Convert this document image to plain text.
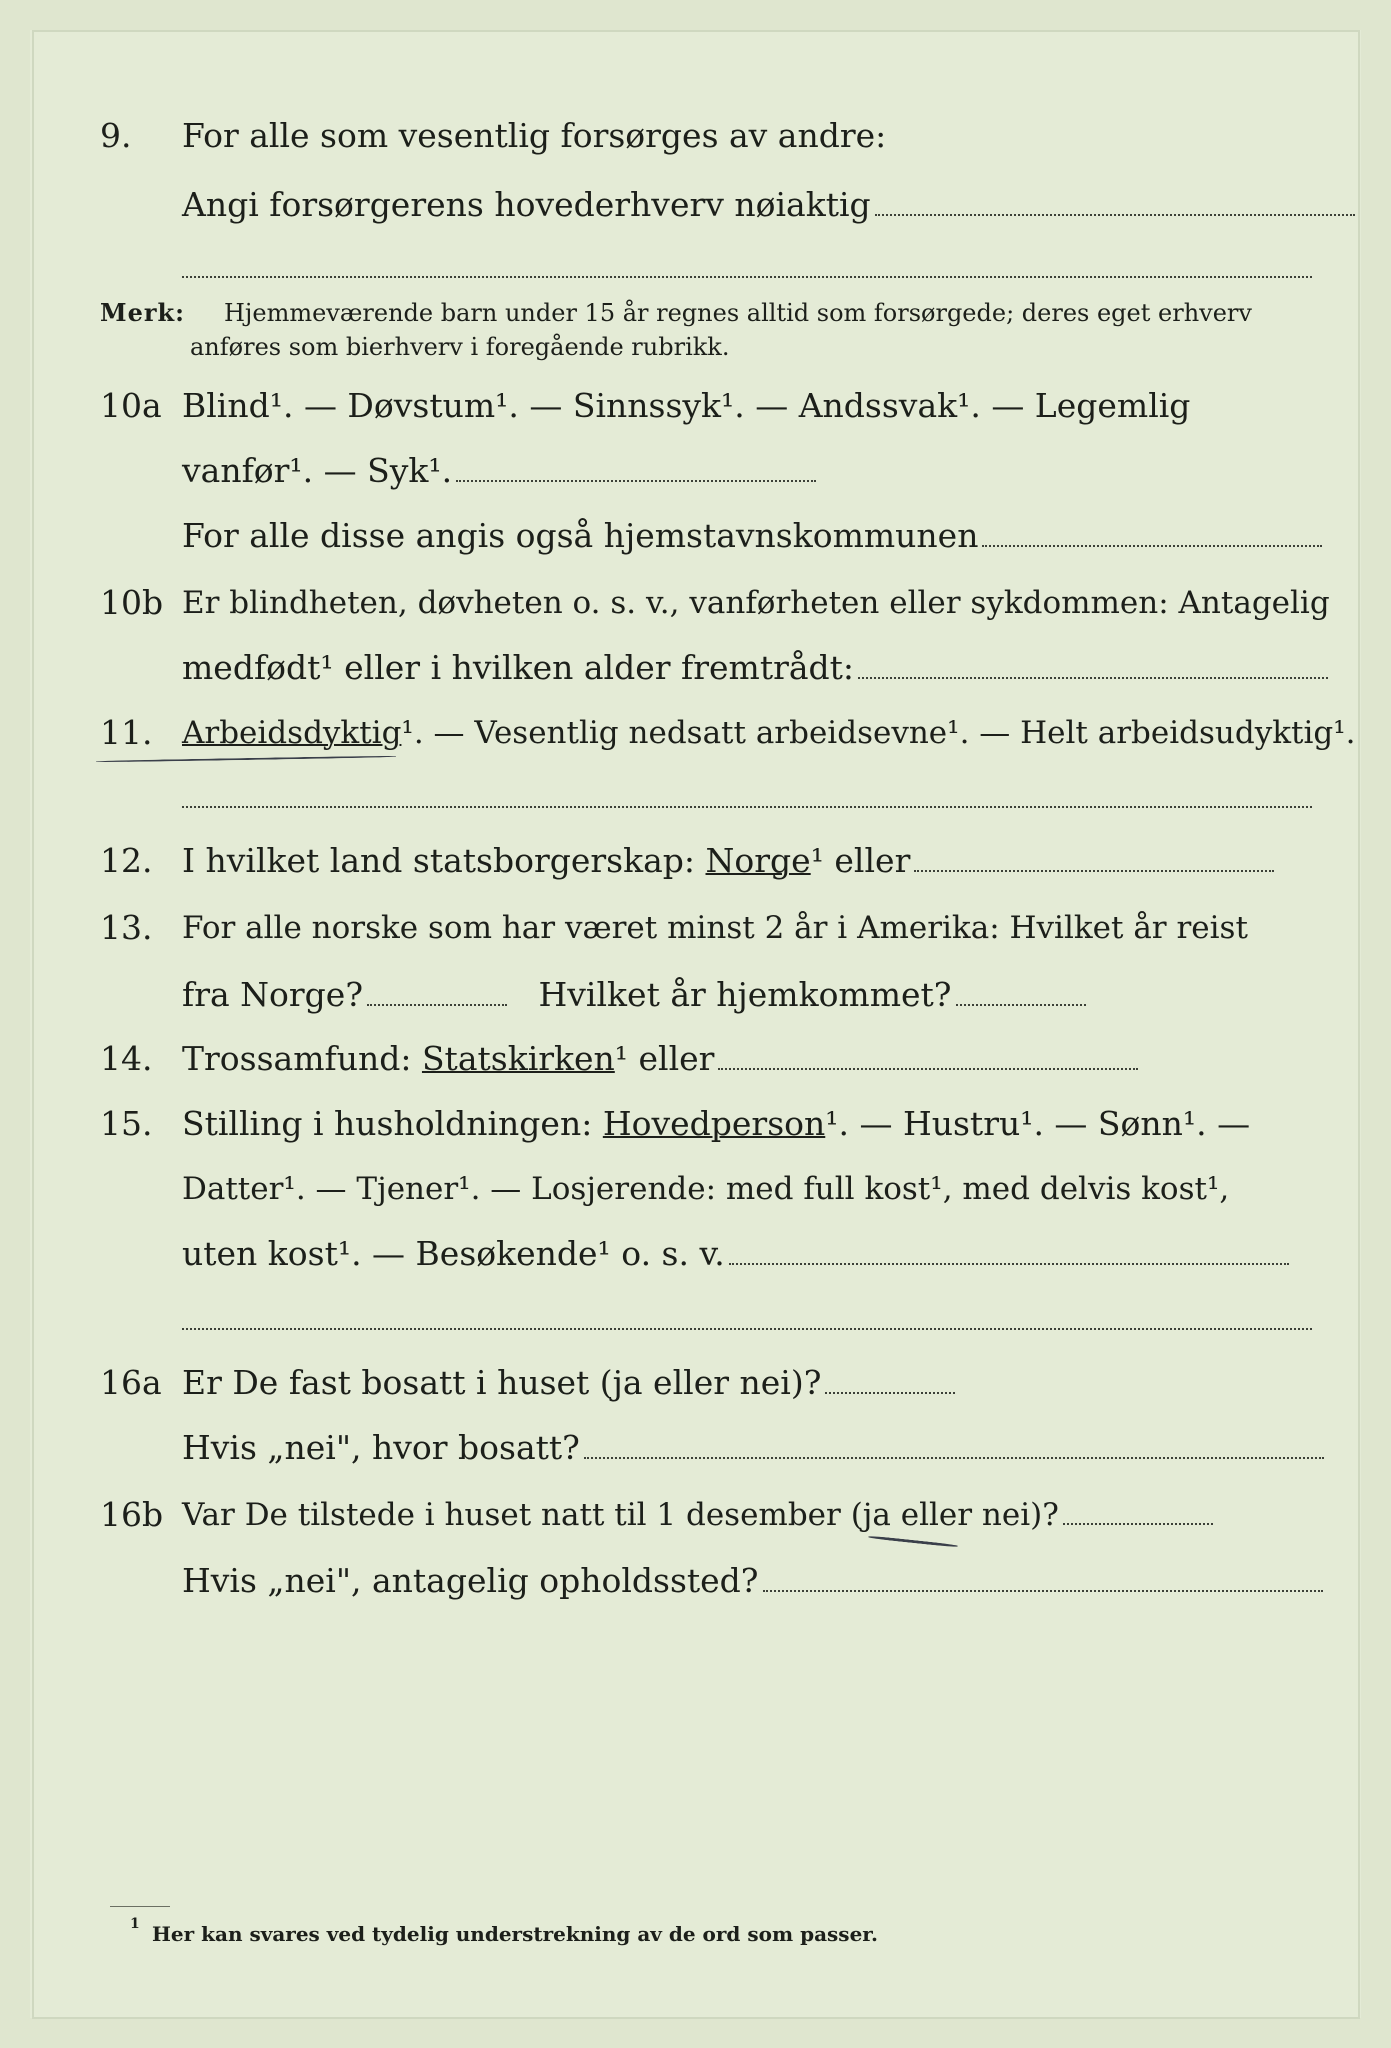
9.	For alle som vesentlig forsørges av andre:
Angi forsørgerens hovederhverv nøiaktig
Merk: Hjemmeværende barn under 15 år regnes alltid som forsørgede; deres eget erhverv
anføres som bierhverv i foregående rubrikk.
10a Blind¹. — Døvstum¹. — Sinnssyk¹. — Andssvak¹. — Legemlig
vanfør¹. — Syk¹.
For alle disse angis også hjemstavnskommunen
10b Er blindheten, døvheten o. s. v., vanførheten eller sykdommen: Antagelig
medfødt¹ eller i hvilken alder fremtrådt:
11. Arbeidsdyktig¹. — Vesentlig nedsatt arbeidsevne¹. — Helt arbeidsudyktig¹.
12. I hvilket land statsborgerskap: Norge¹ eller
13. For alle norske som har været minst 2 år i Amerika: Hvilket år reist
fra Norge?	Hvilket år hjemkommet?
14. Trossamfund: Statskirken¹ eller
15. Stilling i husholdningen: Hovedperson¹. — Hustru¹. — Sønn¹. —
Datter¹. — Tjener¹. — Losjerende: med full kost¹, med delvis kost¹,
uten kost¹. — Besøkende¹ o. s. v.
16a Er De fast bosatt i huset (ja eller nei)?
Hvis „nei", hvor bosatt?
16b Var De tilstede i huset natt til 1 desember (ja eller nei)?
Hvis „nei", antagelig opholdssted?
1 Her kan svares ved tydelig understrekning av de ord som passer.
